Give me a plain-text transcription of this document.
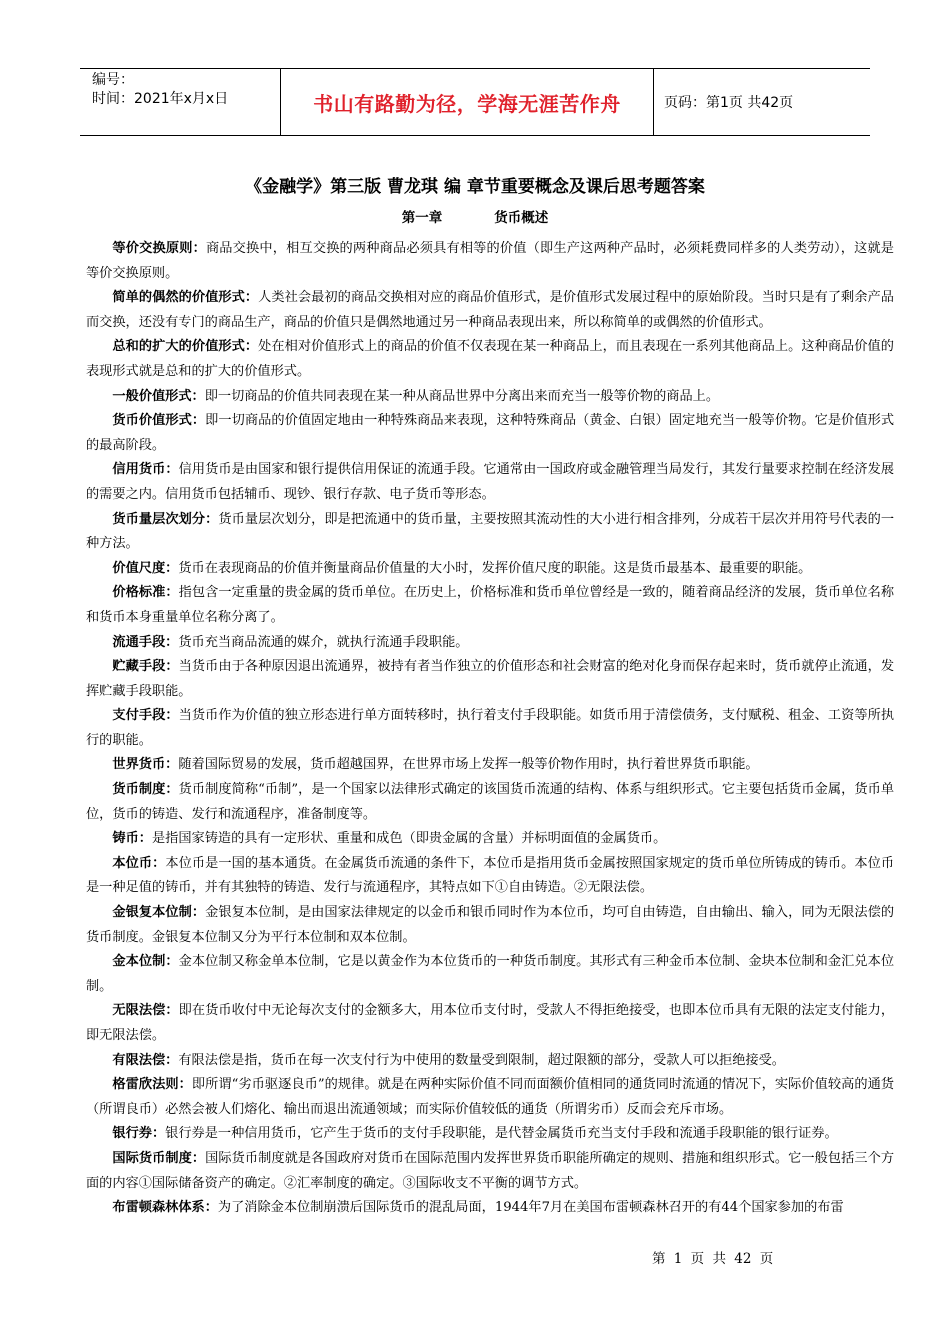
编号：
时间：2021年x月x日	书山有路勤为径，学海无涯苦作舟	页码：第1页 共42页
《金融学》第三版 曹龙琪 编 章节重要概念及课后思考题答案
第一章	货币概述

等价交换原则：商品交换中，相互交换的两种商品必须具有相等的价值（即生产这两种产品时，必须耗费同样多的人类劳动），这就是等价交换原则。

简单的偶然的价值形式：人类社会最初的商品交换相对应的商品价值形式，是价值形式发展过程中的原始阶段。当时只是有了剩余产品而交换，还没有专门的商品生产，商品的价值只是偶然地通过另一种商品表现出来，所以称简单的或偶然的价值形式。

总和的扩大的价值形式：处在相对价值形式上的商品的价值不仅表现在某一种商品上，而且表现在一系列其他商品上。这种商品价值的表现形式就是总和的扩大的价值形式。

一般价值形式：即一切商品的价值共同表现在某一种从商品世界中分离出来而充当一般等价物的商品上。

货币价值形式：即一切商品的价值固定地由一种特殊商品来表现，这种特殊商品（黄金、白银）固定地充当一般等价物。它是价值形式的最高阶段。

信用货币：信用货币是由国家和银行提供信用保证的流通手段。它通常由一国政府或金融管理当局发行，其发行量要求控制在经济发展的需要之内。信用货币包括辅币、现钞、银行存款、电子货币等形态。

货币量层次划分：货币量层次划分，即是把流通中的货币量，主要按照其流动性的大小进行相含排列，分成若干层次并用符号代表的一种方法。

价值尺度：货币在表现商品的价值并衡量商品价值量的大小时，发挥价值尺度的职能。这是货币最基本、最重要的职能。

价格标准：指包含一定重量的贵金属的货币单位。在历史上，价格标准和货币单位曾经是一致的，随着商品经济的发展，货币单位名称和货币本身重量单位名称分离了。

流通手段：货币充当商品流通的媒介，就执行流通手段职能。

贮藏手段：当货币由于各种原因退出流通界，被持有者当作独立的价值形态和社会财富的绝对化身而保存起来时，货币就停止流通，发挥贮藏手段职能。

支付手段：当货币作为价值的独立形态进行单方面转移时，执行着支付手段职能。如货币用于清偿债务，支付赋税、租金、工资等所执行的职能。

世界货币：随着国际贸易的发展，货币超越国界，在世界市场上发挥一般等价物作用时，执行着世界货币职能。

货币制度：货币制度简称“币制”，是一个国家以法律形式确定的该国货币流通的结构、体系与组织形式。它主要包括货币金属，货币单位，货币的铸造、发行和流通程序，准备制度等。

铸币：是指国家铸造的具有一定形状、重量和成色（即贵金属的含量）并标明面值的金属货币。

本位币：本位币是一国的基本通货。在金属货币流通的条件下，本位币是指用货币金属按照国家规定的货币单位所铸成的铸币。本位币是一种足值的铸币，并有其独特的铸造、发行与流通程序，其特点如下①自由铸造。②无限法偿。

金银复本位制：金银复本位制，是由国家法律规定的以金币和银币同时作为本位币，均可自由铸造，自由输出、输入，同为无限法偿的货币制度。金银复本位制又分为平行本位制和双本位制。

金本位制：金本位制又称金单本位制，它是以黄金作为本位货币的一种货币制度。其形式有三种金币本位制、金块本位制和金汇兑本位制。

无限法偿：即在货币收付中无论每次支付的金额多大，用本位币支付时，受款人不得拒绝接受，也即本位币具有无限的法定支付能力，即无限法偿。

有限法偿：有限法偿是指，货币在每一次支付行为中使用的数量受到限制，超过限额的部分，受款人可以拒绝接受。

格雷欣法则：即所谓“劣币驱逐良币”的规律。就是在两种实际价值不同而面额价值相同的通货同时流通的情况下，实际价值较高的通货（所谓良币）必然会被人们熔化、输出而退出流通领域；而实际价值较低的通货（所谓劣币）反而会充斥市场。

银行券：银行券是一种信用货币，它产生于货币的支付手段职能，是代替金属货币充当支付手段和流通手段职能的银行证券。

国际货币制度：国际货币制度就是各国政府对货币在国际范围内发挥世界货币职能所确定的规则、措施和组织形式。它一般包括三个方面的内容①国际储备资产的确定。②汇率制度的确定。③国际收支不平衡的调节方式。

布雷顿森林体系：为了消除金本位制崩溃后国际货币的混乱局面，1944年7月在美国布雷顿森林召开的有44个国家参加的布雷

第 1 页 共 42 页
